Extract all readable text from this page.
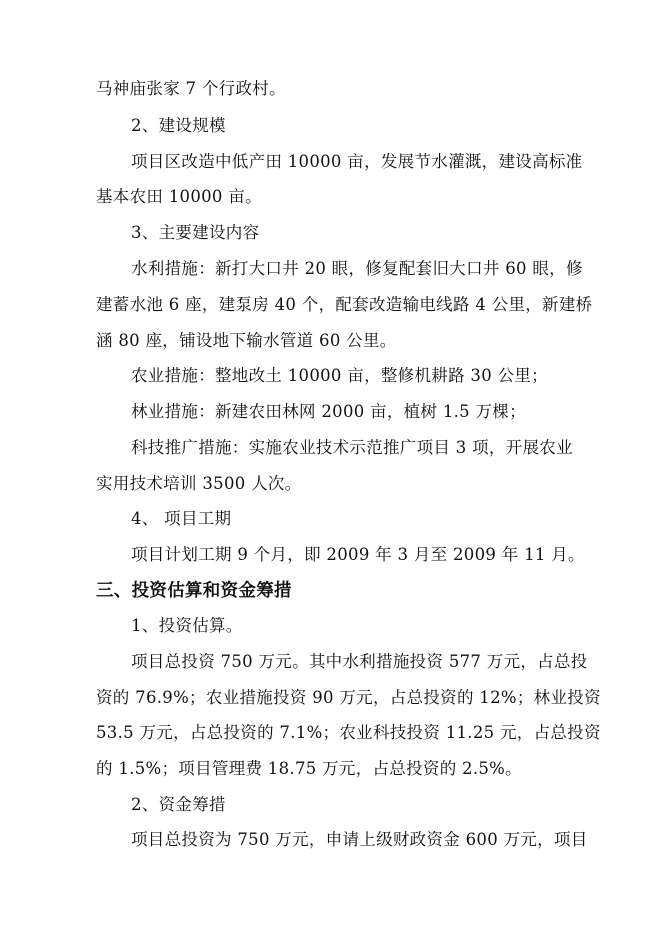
马神庙张家 7 个行政村。
2、建设规模
项目区改造中低产田 10000 亩，发展节水灌溉，建设高标准
基本农田 10000 亩。
3、主要建设内容
水利措施：新打大口井 20 眼，修复配套旧大口井 60 眼，修
建蓄水池 6 座，建泵房 40 个，配套改造输电线路 4 公里，新建桥
涵 80 座，铺设地下输水管道 60 公里。
农业措施：整地改土 10000 亩，整修机耕路 30 公里；
林业措施：新建农田林网 2000 亩，植树 1.5 万棵；
科技推广措施：实施农业技术示范推广项目 3 项，开展农业
实用技术培训 3500 人次。
4、 项目工期
项目计划工期 9 个月，即 2009 年 3 月至 2009 年 11 月。
三、投资估算和资金筹措
1、投资估算。
项目总投资 750 万元。其中水利措施投资 577 万元，占总投
资的 76.9%；农业措施投资 90 万元，占总投资的 12%；林业投资
53.5 万元，占总投资的 7.1%；农业科技投资 11.25 元，占总投资
的 1.5%；项目管理费 18.75 万元，占总投资的 2.5%。
2、资金筹措
项目总投资为 750 万元，申请上级财政资金 600 万元，项目
